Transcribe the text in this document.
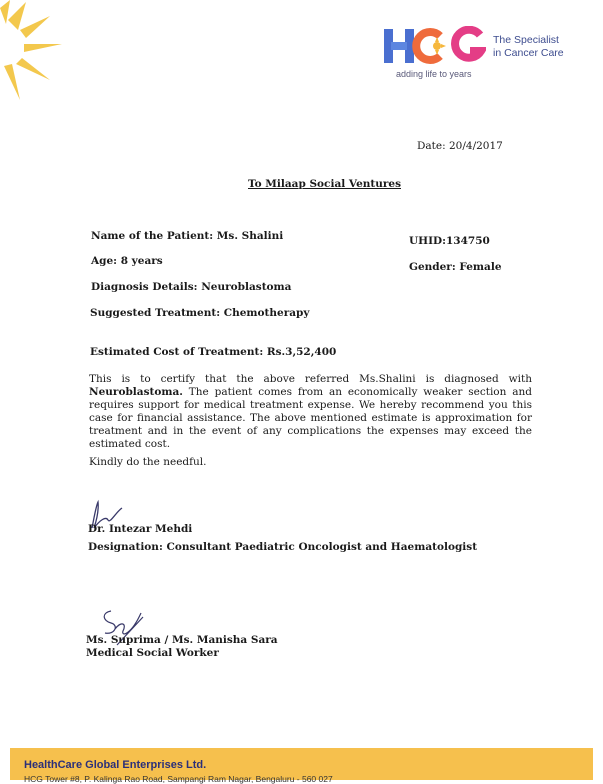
The Specialist
in Cancer Care
adding life to years
Date: 20/4/2017
To Milaap Social Ventures
Name of the Patient: Ms. Shalini	UHID:134750
Age: 8 years	Gender: Female
Diagnosis Details: Neuroblastoma
Suggested Treatment: Chemotherapy
Estimated Cost of Treatment: Rs.3,52,400
This is to certify that the above referred Ms.Shalini is diagnosed with Neuroblastoma. The patient comes from an economically weaker section and requires support for medical treatment expense. We hereby recommend you this case for financial assistance. The above mentioned estimate is approximation for treatment and in the event of any complications the expenses may exceed the estimated cost.
Kindly do the needful.
Dr. Intezar Mehdi
Designation: Consultant Paediatric Oncologist and Haematologist
Ms. Suprima / Ms. Manisha Sara
Medical Social Worker
HealthCare Global Enterprises Ltd.
HCG Tower #8, P. Kalinga Rao Road, Sampangi Ram Nagar, Bengaluru - 560 027
